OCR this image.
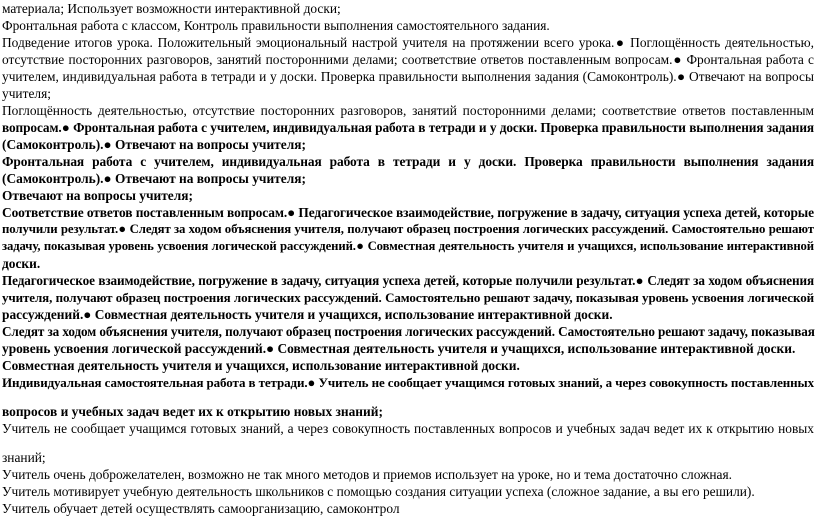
материала; Использует возможности интерактивной доски;
Фронтальная работа с классом, Контроль правильности выполнения самостоятельного задания.
Подведение итогов урока. Положительный эмоциональный настрой учителя на протяжении всего урока.● Поглощённость деятельностью,
отсутствие посторонних разговоров, занятий посторонними делами; соответствие ответов поставленным вопросам.● Фронтальная работа с
учителем, индивидуальная работа в тетради и у доски. Проверка правильности выполнения задания (Самоконтроль).● Отвечают на вопросы
учителя;
Поглощённость деятельностью, отсутствие посторонних разговоров, занятий посторонними делами; соответствие ответов поставленным
вопросам.● Фронтальная работа с учителем, индивидуальная работа в тетради и у доски. Проверка правильности выполнения задания
(Самоконтроль).● Отвечают на вопросы учителя;
Фронтальная работа с учителем, индивидуальная работа в тетради и у доски. Проверка правильности выполнения задания
(Самоконтроль).● Отвечают на вопросы учителя;
Отвечают на вопросы учителя;
Соответствие ответов поставленным вопросам.● Педагогическое взаимодействие, погружение в задачу, ситуация успеха детей, которые
получили результат.● Следят за ходом объяснения учителя, получают образец построения логических рассуждений. Самостоятельно решают
задачу, показывая уровень усвоения логической рассуждений.● Совместная деятельность учителя и учащихся, использование интерактивной
доски.
Педагогическое взаимодействие, погружение в задачу, ситуация успеха детей, которые получили результат.● Следят за ходом объяснения
учителя, получают образец построения логических рассуждений. Самостоятельно решают задачу, показывая уровень усвоения логической
рассуждений.● Совместная деятельность учителя и учащихся, использование интерактивной доски.
Следят за ходом объяснения учителя, получают образец построения логических рассуждений. Самостоятельно решают задачу, показывая
уровень усвоения логической рассуждений.● Совместная деятельность учителя и учащихся, использование интерактивной доски.
Совместная деятельность учителя и учащихся, использование интерактивной доски.
Индивидуальная самостоятельная работа в тетради.● Учитель не сообщает учащимся готовых знаний, а через совокупность поставленных
вопросов и учебных задач ведет их к открытию новых знаний;
Учитель не сообщает учащимся готовых знаний, а через совокупность поставленных вопросов и учебных задач ведет их к открытию новых
знаний;
Учитель очень доброжелателен, возможно не так много методов и приемов использует на уроке, но и тема достаточно сложная.
Учитель мотивирует учебную деятельность школьников с помощью создания ситуации успеха (сложное задание, а вы его решили).
Учитель обучает детей осуществлять самоорганизацию, самоконтрол
